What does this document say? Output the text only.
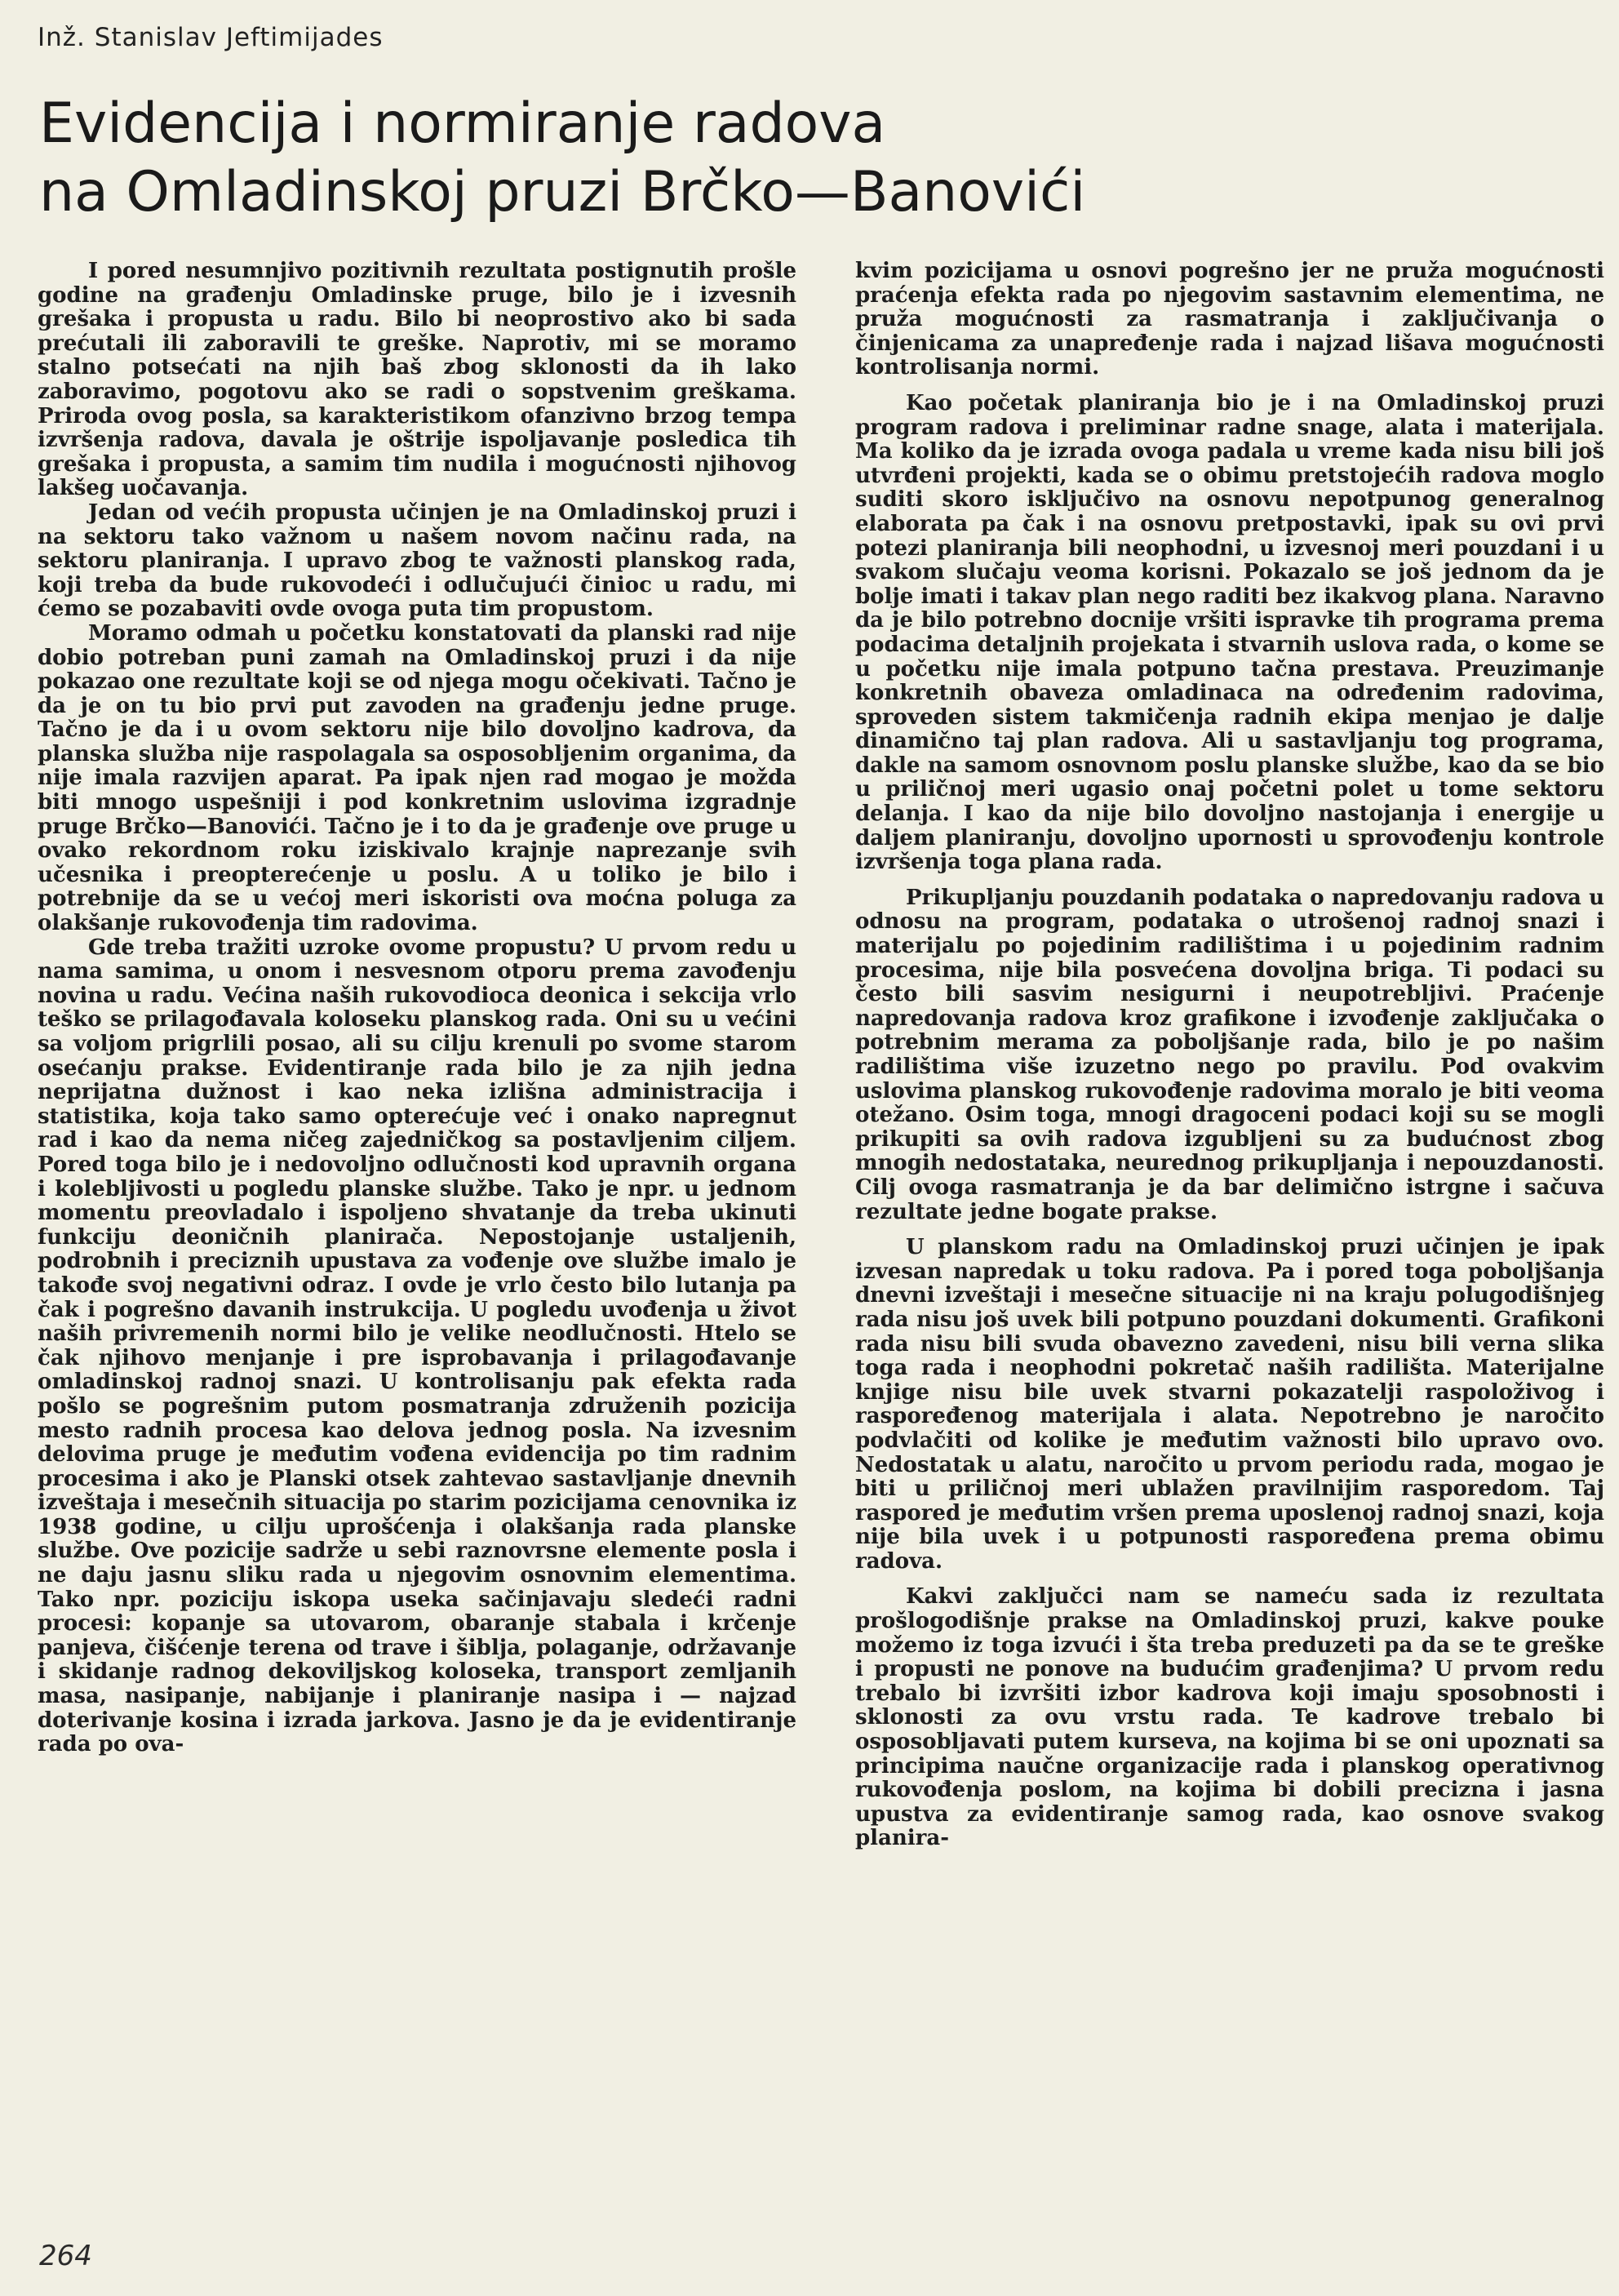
Inž. Stanislav Jeftimijades
Evidencija i normiranje radova
na Omladinskoj pruzi Brčko—Banovići

I pored nesumnjivo pozitivnih rezultata postignutih prošle godine na građenju Omladinske pruge, bilo je i izvesnih grešaka i propusta u radu. Bilo bi neoprostivo ako bi sada prećutali ili zaboravili te greške. Naprotiv, mi se moramo stalno potsećati na njih baš zbog sklonosti da ih lako zaboravimo, pogotovu ako se radi o sopstvenim greškama. Priroda ovog posla, sa karakteristikom ofanzivno brzog tempa izvršenja radova, davala je oštrije ispoljavanje posledica tih grešaka i propusta, a samim tim nudila i mogućnosti njihovog lakšeg uočavanja.

Jedan od većih propusta učinjen je na Omladinskoj pruzi i na sektoru tako važnom u našem novom načinu rada, na sektoru planiranja. I upravo zbog te važnosti planskog rada, koji treba da bude rukovodeći i odlučujući činioc u radu, mi ćemo se pozabaviti ovde ovoga puta tim propustom.

Moramo odmah u početku konstatovati da planski rad nije dobio potreban puni zamah na Omladinskoj pruzi i da nije pokazao one rezultate koji se od njega mogu očekivati. Tačno je da je on tu bio prvi put zavoden na građenju jedne pruge. Tačno je da i u ovom sektoru nije bilo dovoljno kadrova, da planska služba nije raspolagala sa osposobljenim organima, da nije imala razvijen aparat. Pa ipak njen rad mogao je možda biti mnogo uspešniji i pod konkretnim uslovima izgradnje pruge Brčko—Banovići. Tačno je i to da je građenje ove pruge u ovako rekordnom roku iziskivalo krajnje naprezanje svih učesnika i preopterećenje u poslu. A u toliko je bilo i potrebnije da se u većoj meri iskoristi ova moćna poluga za olakšanje rukovođenja tim radovima.

Gde treba tražiti uzroke ovome propustu? U prvom redu u nama samima, u onom i nesvesnom otporu prema zavođenju novina u radu. Većina naših rukovodioca deonica i sekcija vrlo teško se prilagođavala koloseku planskog rada. Oni su u većini sa voljom prigrlili posao, ali su cilju krenuli po svome starom osećanju prakse. Evidentiranje rada bilo je za njih jedna neprijatna dužnost i kao neka izlišna administracija i statistika, koja tako samo opterećuje već i onako napregnut rad i kao da nema ničeg zajedničkog sa postavljenim ciljem. Pored toga bilo je i nedovoljno odlučnosti kod upravnih organa i kolebljivosti u pogledu planske službe. Tako je npr. u jednom momentu preovladalo i ispoljeno shvatanje da treba ukinuti funkciju deoničnih planirača. Nepostojanje ustaljenih, podrobnih i preciznih upustava za vođenje ove službe imalo je takođe svoj negativni odraz. I ovde je vrlo često bilo lutanja pa čak i pogrešno davanih instrukcija. U pogledu uvođenja u život naših privremenih normi bilo je velike neodlučnosti. Htelo se čak njihovo menjanje i pre isprobavanja i prilagođavanje omladinskoj radnoj snazi. U kontrolisanju pak efekta rada pošlo se pogrešnim putom posmatranja združenih pozicija mesto radnih procesa kao delova jednog posla. Na izvesnim delovima pruge je međutim vođena evidencija po tim radnim procesima i ako je Planski otsek zahtevao sastavljanje dnevnih izveštaja i mesečnih situacija po starim pozicijama cenovnika iz 1938 godine, u cilju uprošćenja i olakšanja rada planske službe. Ove pozicije sadrže u sebi raznovrsne elemente posla i ne daju jasnu sliku rada u njegovim osnovnim elementima. Tako npr. poziciju iskopa useka sačinjavaju sledeći radni procesi: kopanje sa utovarom, obaranje stabala i krčenje panjeva, čišćenje terena od trave i šiblja, polaganje, održavanje i skidanje radnog dekoviljskog koloseka, transport zemljanih masa, nasipanje, nabijanje i planiranje nasipa i — najzad doterivanje kosina i izrada jarkova. Jasno je da je evidentiranje rada po ova-

kvim pozicijama u osnovi pogrešno jer ne pruža mogućnosti praćenja efekta rada po njegovim sastavnim elementima, ne pruža mogućnosti za rasmatranja i zaključivanja o činjenicama za unapređenje rada i najzad lišava mogućnosti kontrolisanja normi.

Kao početak planiranja bio je i na Omladinskoj pruzi program radova i preliminar radne snage, alata i materijala. Ma koliko da je izrada ovoga padala u vreme kada nisu bili još utvrđeni projekti, kada se o obimu pretstojećih radova moglo suditi skoro isključivo na osnovu nepotpunog generalnog elaborata pa čak i na osnovu pretpostavki, ipak su ovi prvi potezi planiranja bili neophodni, u izvesnoj meri pouzdani i u svakom slučaju veoma korisni. Pokazalo se još jednom da je bolje imati i takav plan nego raditi bez ikakvog plana. Naravno da je bilo potrebno docnije vršiti ispravke tih programa prema podacima detaljnih projekata i stvarnih uslova rada, o kome se u početku nije imala potpuno tačna prestava. Preuzimanje konkretnih obaveza omladinaca na određenim radovima, sproveden sistem takmičenja radnih ekipa menjao je dalje dinamično taj plan radova. Ali u sastavljanju tog programa, dakle na samom osnovnom poslu planske službe, kao da se bio u priličnoj meri ugasio onaj početni polet u tome sektoru delanja. I kao da nije bilo dovoljno nastojanja i energije u daljem planiranju, dovoljno upornosti u sprovođenju kontrole izvršenja toga plana rada.

Prikupljanju pouzdanih podataka o napredovanju radova u odnosu na program, podataka o utrošenoj radnoj snazi i materijalu po pojedinim radilištima i u pojedinim radnim procesima, nije bila posvećena dovoljna briga. Ti podaci su često bili sasvim nesigurni i neupotrebljivi. Praćenje napredovanja radova kroz grafikone i izvođenje zaključaka o potrebnim merama za poboljšanje rada, bilo je po našim radilištima više izuzetno nego po pravilu. Pod ovakvim uslovima planskog rukovođenje radovima moralo je biti veoma otežano. Osim toga, mnogi dragoceni podaci koji su se mogli prikupiti sa ovih radova izgubljeni su za budućnost zbog mnogih nedostataka, neurednog prikupljanja i nepouzdanosti. Cilj ovoga rasmatranja je da bar delimično istrgne i sačuva rezultate jedne bogate prakse.

U planskom radu na Omladinskoj pruzi učinjen je ipak izvesan napredak u toku radova. Pa i pored toga poboljšanja dnevni izveštaji i mesečne situacije ni na kraju polugodišnjeg rada nisu još uvek bili potpuno pouzdani dokumenti. Grafikoni rada nisu bili svuda obavezno zavedeni, nisu bili verna slika toga rada i neophodni pokretač naših radilišta. Materijalne knjige nisu bile uvek stvarni pokazatelji raspoloživog i raspoređenog materijala i alata. Nepotrebno je naročito podvlačiti od kolike je međutim važnosti bilo upravo ovo. Nedostatak u alatu, naročito u prvom periodu rada, mogao je biti u priličnoj meri ublažen pravilnijim rasporedom. Taj raspored je međutim vršen prema uposlenoj radnoj snazi, koja nije bila uvek i u potpunosti raspoređena prema obimu radova.

Kakvi zaključci nam se nameću sada iz rezultata prošlogodišnje prakse na Omladinskoj pruzi, kakve pouke možemo iz toga izvući i šta treba preduzeti pa da se te greške i propusti ne ponove na budućim građenjima? U prvom redu trebalo bi izvršiti izbor kadrova koji imaju sposobnosti i sklonosti za ovu vrstu rada. Te kadrove trebalo bi osposobljavati putem kurseva, na kojima bi se oni upoznati sa principima naučne organizacije rada i planskog operativnog rukovođenja poslom, na kojima bi dobili precizna i jasna upustva za evidentiranje samog rada, kao osnove svakog planira-

264
